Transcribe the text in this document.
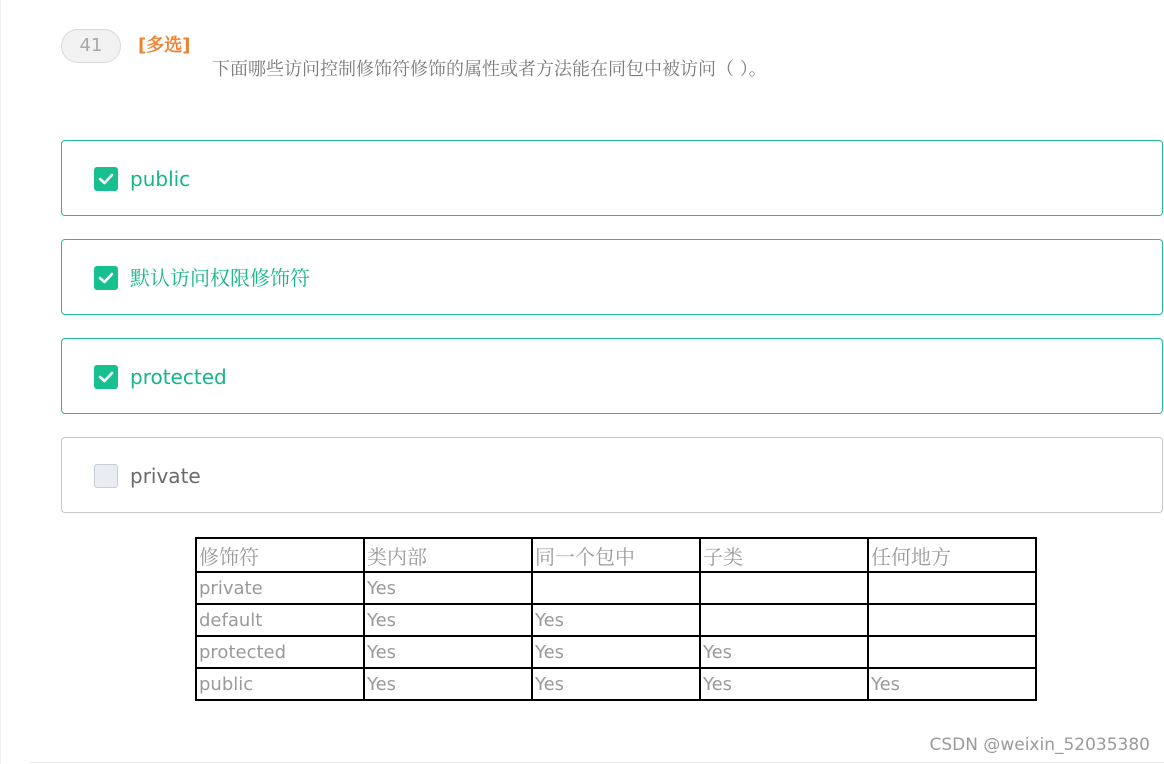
41	[多选]
下面哪些访问控制修饰符修饰的属性或者方法能在同包中被访问（ ）。
public
默认访问权限修饰符
protected
private
修饰符	类内部	同一个包中	子类	任何地方
private	Yes			
default	Yes	Yes		
protected	Yes	Yes	Yes	
public	Yes	Yes	Yes	Yes
CSDN @weixin_52035380
